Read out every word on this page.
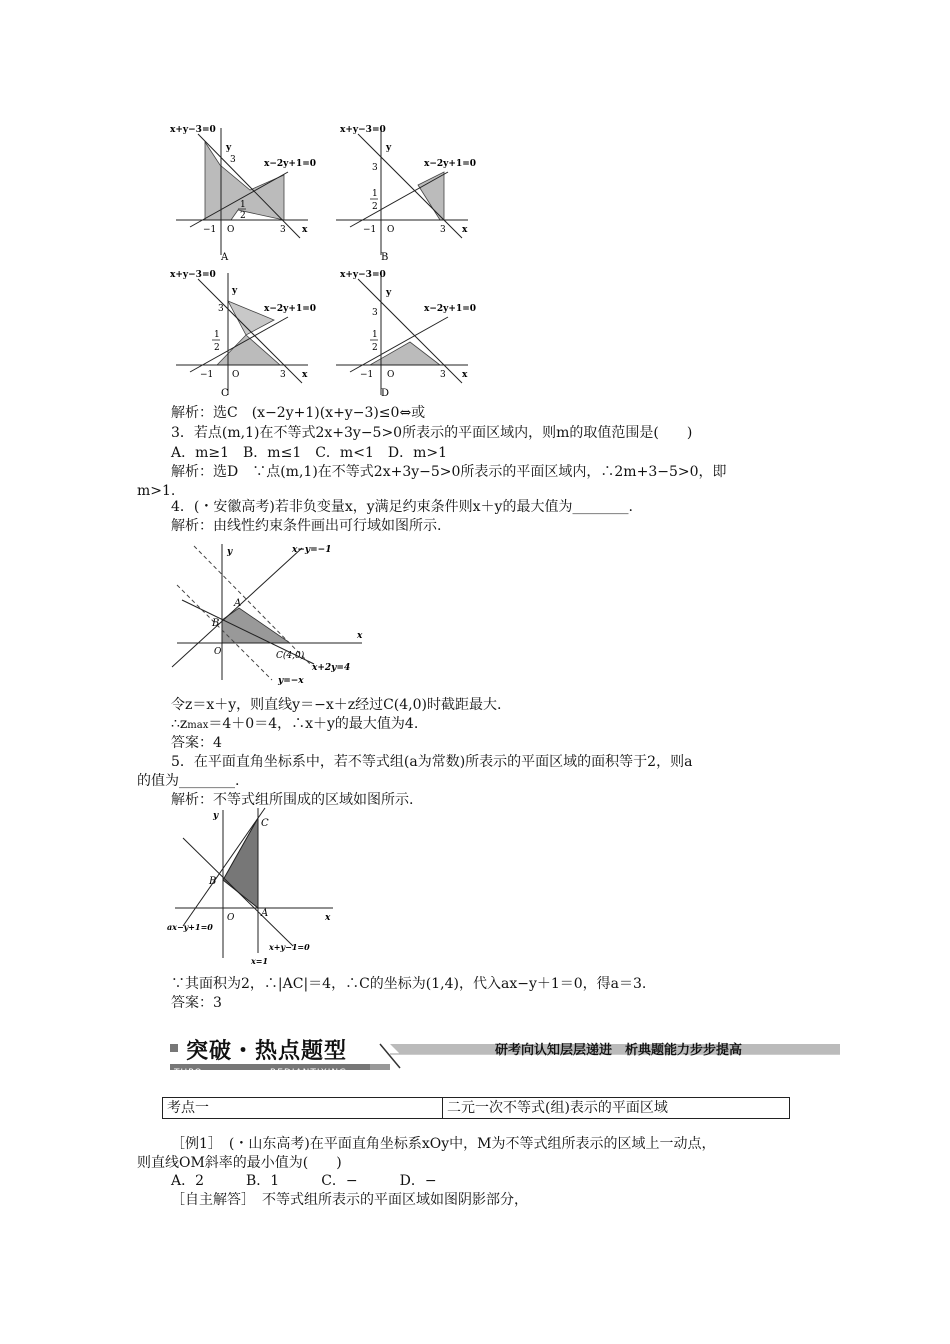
x+y−3=0
x−2y+1=0
y
x
O
3
3
−1
1
2
A
x+y−3=0
x−2y+1=0
y
x
O
3
3
−1
1
2
B
x+y−3=0
x−2y+1=0
y
x
O
3
3
−1
1
2
C
x+y−3=0
x−2y+1=0
y
x
O
3
3
−1
1
2
D
解析：选C　(x−2y+1)(x+y−3)≤0⇔或
3．若点(m,1)在不等式2x+3y−5>0所表示的平面区域内，则m的取值范围是(　　)
A．m≥1　B．m≤1　C．m<1　D．m>1
解析：选D　∵点(m,1)在不等式2x+3y−5>0所表示的平面区域内，∴2m+3−5>0，即
m>1.
4．(・安徽高考)若非负变量x，y满足约束条件则x＋y的最大值为________.
解析：由线性约束条件画出可行域如图所示.
x−y=−1
x+2y=4
y=−x
y
x
O
A
B
C(4,0)
令z＝x＋y，则直线y＝−x＋z经过C(4,0)时截距最大.
∴zmax＝4＋0＝4，∴x＋y的最大值为4.
答案：4
5．在平面直角坐标系中，若不等式组(a为常数)所表示的平面区域的面积等于2，则a
的值为________.
解析：不等式组所围成的区域如图所示.
y
x
O
C
B
A
ax−y+1=0
x+y−1=0
x=1
∵其面积为2，∴|AC|＝4，∴C的坐标为(1,4)，代入ax−y＋1＝0，得a＝3.
答案：3
突破・热点题型
TUPO	REDIANTIXING
研考向认知层层递进　析典题能力步步提高
考点一	二元一次不等式(组)表示的平面区域
［例1］　(・山东高考)在平面直角坐标系xOy中，M为不等式组所表示的区域上一动点，
则直线OM斜率的最小值为(　　)
A．2　　　B．1　　　C．−　　　D．−
［自主解答］　不等式组所表示的平面区域如图阴影部分，
